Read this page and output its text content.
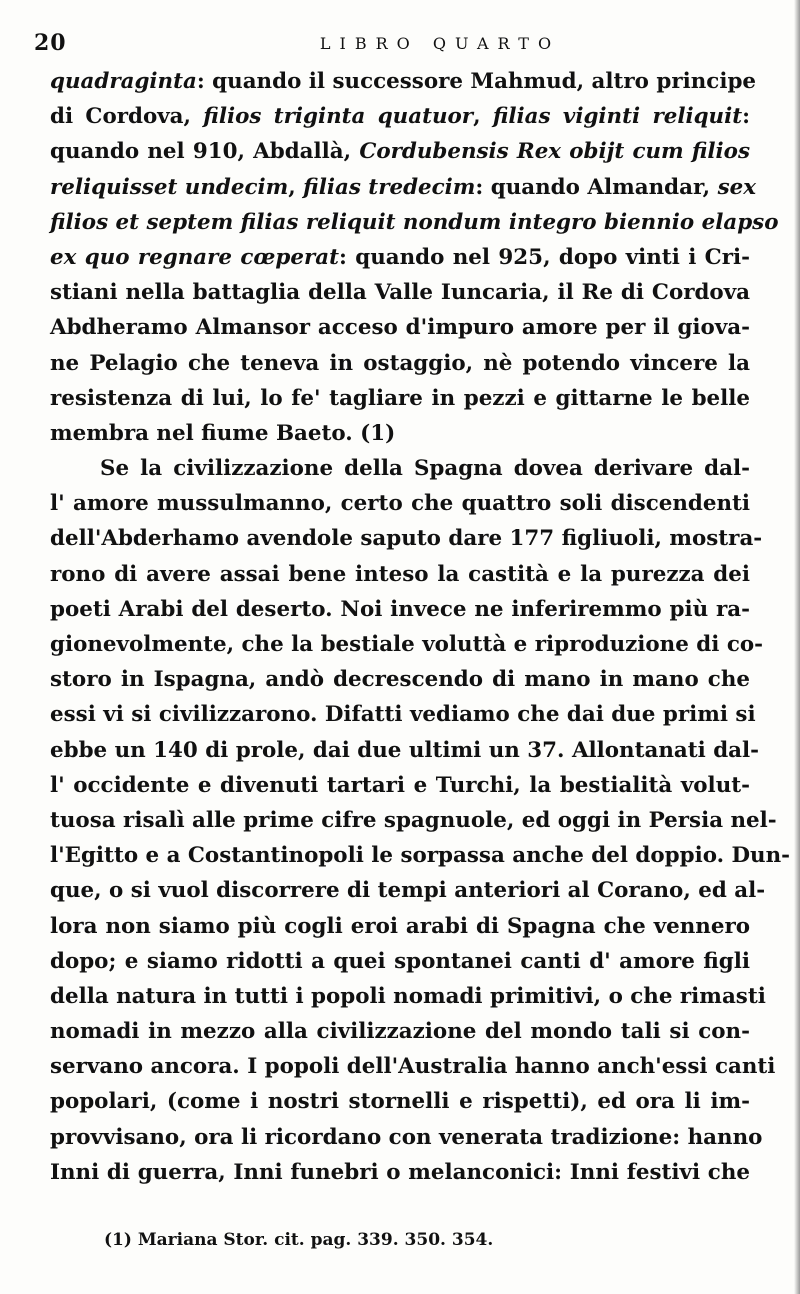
20	LIBRO QUARTO
quadraginta: quando il successore Mahmud, altro principe
di Cordova, filios triginta quatuor, filias viginti reliquit:
quando nel 910, Abdallà, Cordubensis Rex obijt cum filios
reliquisset undecim, filias tredecim: quando Almandar, sex
filios et septem filias reliquit nondum integro biennio elapso
ex quo regnare cœperat: quando nel 925, dopo vinti i Cri-
stiani nella battaglia della Valle Iuncaria, il Re di Cordova
Abdheramo Almansor acceso d'impuro amore per il giova-
ne Pelagio che teneva in ostaggio, nè potendo vincere la
resistenza di lui, lo fe' tagliare in pezzi e gittarne le belle
membra nel fiume Baeto. (1)
Se la civilizzazione della Spagna dovea derivare dal-
l' amore mussulmanno, certo che quattro soli discendenti
dell'Abderhamo avendole saputo dare 177 figliuoli, mostra-
rono di avere assai bene inteso la castità e la purezza dei
poeti Arabi del deserto. Noi invece ne inferiremmo più ra-
gionevolmente, che la bestiale voluttà e riproduzione di co-
storo in Ispagna, andò decrescendo di mano in mano che
essi vi si civilizzarono. Difatti vediamo che dai due primi si
ebbe un 140 di prole, dai due ultimi un 37. Allontanati dal-
l' occidente e divenuti tartari e Turchi, la bestialità volut-
tuosa risalì alle prime cifre spagnuole, ed oggi in Persia nel-
l'Egitto e a Costantinopoli le sorpassa anche del doppio. Dun-
que, o si vuol discorrere di tempi anteriori al Corano, ed al-
lora non siamo più cogli eroi arabi di Spagna che vennero
dopo; e siamo ridotti a quei spontanei canti d' amore figli
della natura in tutti i popoli nomadi primitivi, o che rimasti
nomadi in mezzo alla civilizzazione del mondo tali si con-
servano ancora. I popoli dell'Australia hanno anch'essi canti
popolari, (come i nostri stornelli e rispetti), ed ora li im-
provvisano, ora li ricordano con venerata tradizione: hanno
Inni di guerra, Inni funebri o melanconici: Inni festivi che
(1) Mariana Stor. cit. pag. 339. 350. 354.
